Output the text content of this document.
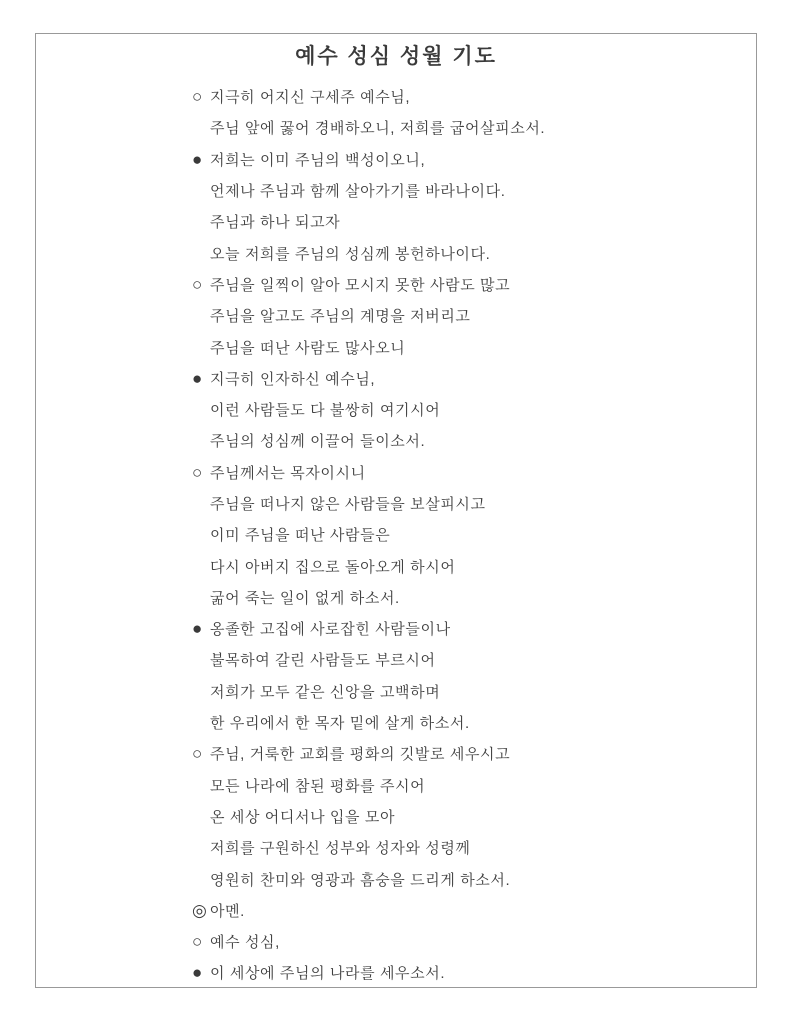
예수 성심 성월 기도
○ 지극히 어지신 구세주 예수님,
주님 앞에 꿇어 경배하오니, 저희를 굽어살피소서.
● 저희는 이미 주님의 백성이오니,
언제나 주님과 함께 살아가기를 바라나이다.
주님과 하나 되고자
오늘 저희를 주님의 성심께 봉헌하나이다.
○ 주님을 일찍이 알아 모시지 못한 사람도 많고
주님을 알고도 주님의 계명을 저버리고
주님을 떠난 사람도 많사오니
● 지극히 인자하신 예수님,
이런 사람들도 다 불쌍히 여기시어
주님의 성심께 이끌어 들이소서.
○ 주님께서는 목자이시니
주님을 떠나지 않은 사람들을 보살피시고
이미 주님을 떠난 사람들은
다시 아버지 집으로 돌아오게 하시어
굶어 죽는 일이 없게 하소서.
● 옹졸한 고집에 사로잡힌 사람들이나
불목하여 갈린 사람들도 부르시어
저희가 모두 같은 신앙을 고백하며
한 우리에서 한 목자 밑에 살게 하소서.
○ 주님, 거룩한 교회를 평화의 깃발로 세우시고
모든 나라에 참된 평화를 주시어
온 세상 어디서나 입을 모아
저희를 구원하신 성부와 성자와 성령께
영원히 찬미와 영광과 흠숭을 드리게 하소서.
◎ 아멘.
○ 예수 성심,
● 이 세상에 주님의 나라를 세우소서.
